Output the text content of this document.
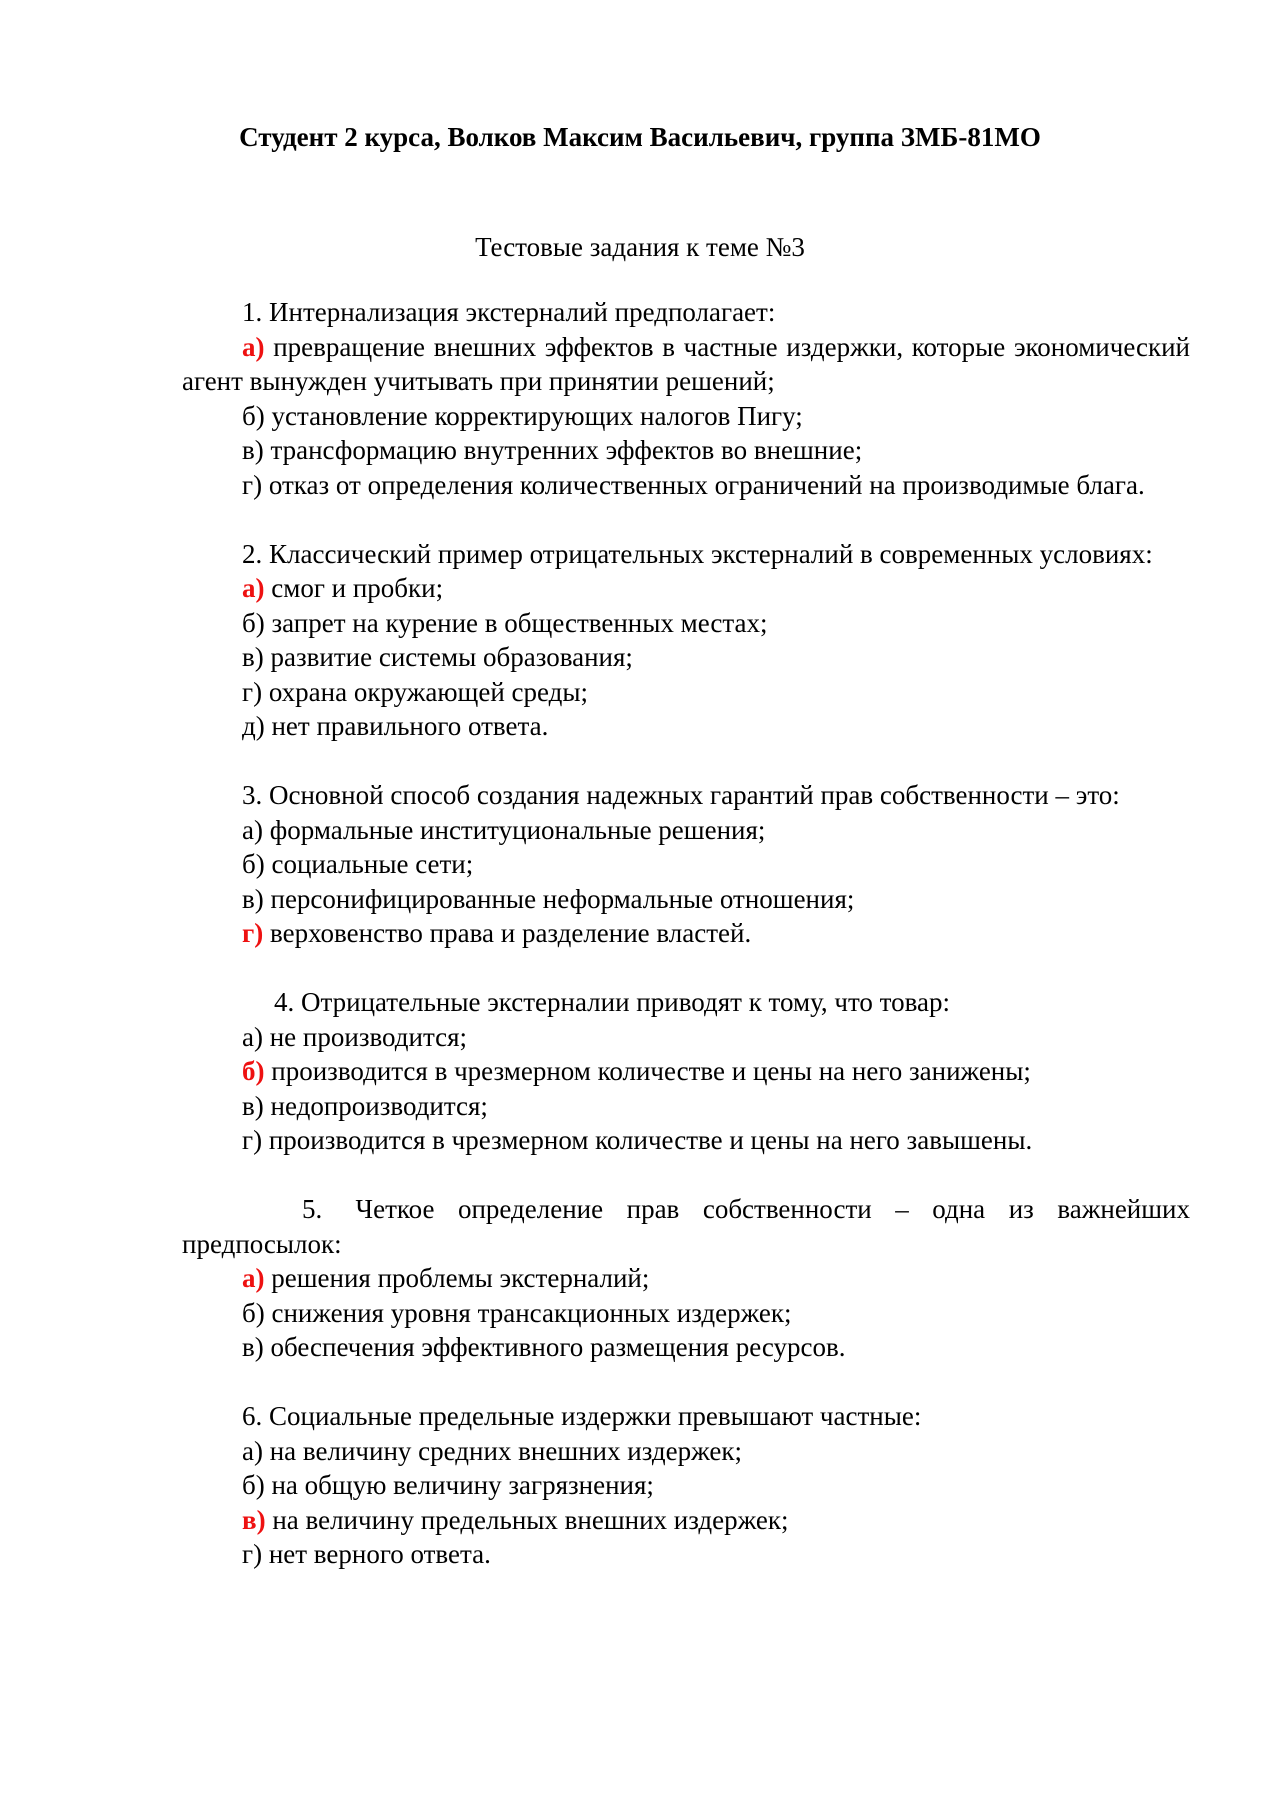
Студент 2 курса, Волков Максим Васильевич, группа ЗМБ-81МО
Тестовые задания к теме №3

1. Интернализация экстерналий предполагает:

а) превращение внешних эффектов в частные издержки, которые экономический агент вынужден учитывать при принятии решений;

б) установление корректирующих налогов Пигу;

в) трансформацию внутренних эффектов во внешние;

г) отказ от определения количественных ограничений на производимые блага.

2. Классический пример отрицательных экстерналий в современных условиях:

а) смог и пробки;

б) запрет на курение в общественных местах;

в) развитие системы образования;

г) охрана окружающей среды;

д) нет правильного ответа.

3. Основной способ создания надежных гарантий прав собственности – это:

а) формальные институциональные решения;

б) социальные сети;

в) персонифицированные неформальные отношения;

г) верховенство права и разделение властей.

4. Отрицательные экстерналии приводят к тому, что товар:

а) не производится;

б) производится в чрезмерном количестве и цены на него занижены;

в) недопроизводится;

г) производится в чрезмерном количестве и цены на него завышены.

5. Четкое определение прав собственности – одна из важнейших предпосылок:

а) решения проблемы экстерналий;

б) снижения уровня трансакционных издержек;

в) обеспечения эффективного размещения ресурсов.

6. Социальные предельные издержки превышают частные:

а) на величину средних внешних издержек;

б) на общую величину загрязнения;

в) на величину предельных внешних издержек;

г) нет верного ответа.
